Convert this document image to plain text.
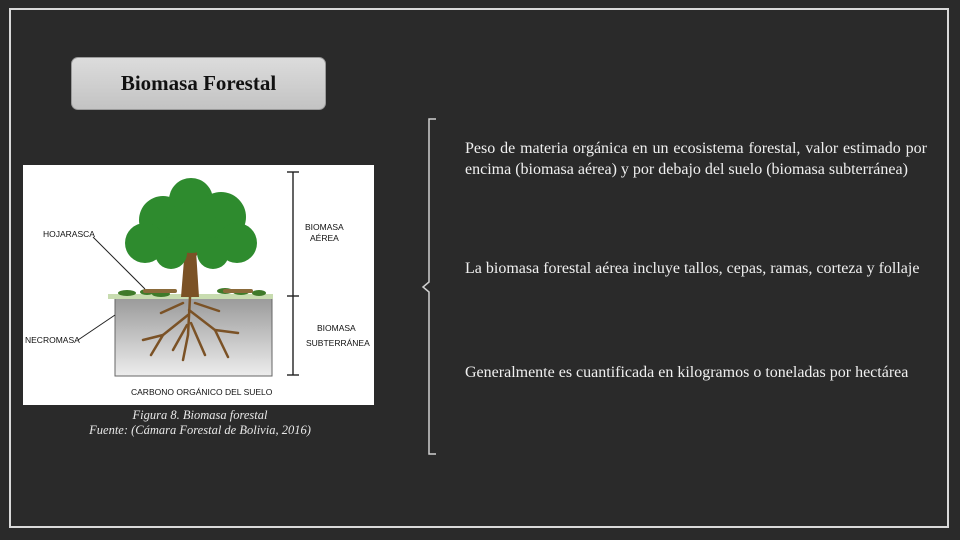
Biomasa Forestal
HOJARASCA
NECROMASA
BIOMASA
AÉREA
BIOMASA
SUBTERRÁNEA
CARBONO ORGÁNICO DEL SUELO
Figura 8. Biomasa forestal
Fuente: (Cámara Forestal de Bolivia, 2016)
Peso de materia orgánica en un ecosistema forestal, valor estimado por encima (biomasa aérea) y por debajo del suelo (biomasa subterránea)
La biomasa forestal aérea incluye tallos, cepas, ramas, corteza y follaje
Generalmente es cuantificada en kilogramos o toneladas por hectárea
